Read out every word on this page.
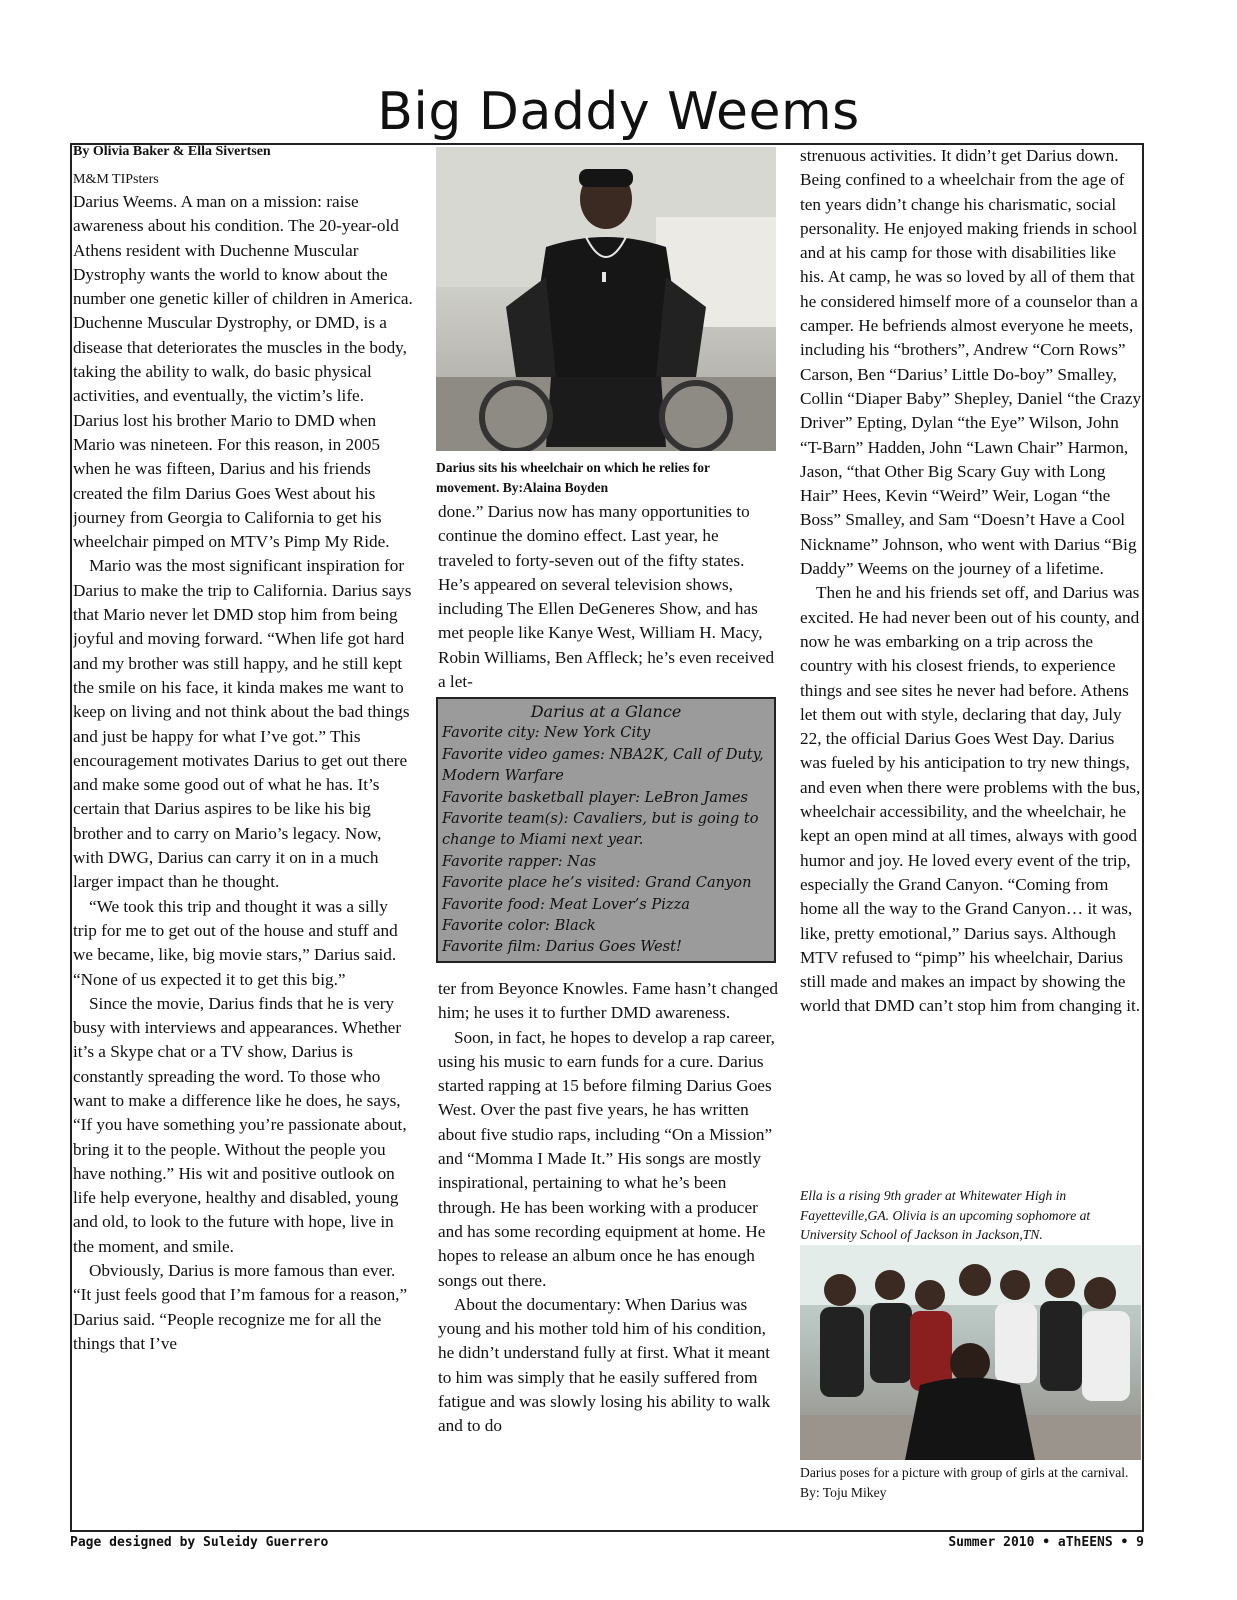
Big Daddy Weems
By Olivia Baker & Ella Sivertsen

M&M TIPsters

Darius Weems. A man on a mission: raise awareness about his condition. The 20-year-old Athens resident with Duchenne Muscular Dystrophy wants the world to know about the number one genetic killer of children in America. Duchenne Muscular Dystrophy, or DMD, is a disease that deteriorates the muscles in the body, taking the ability to walk, do basic physical activities, and eventually, the victim’s life. Darius lost his brother Mario to DMD when Mario was nineteen. For this reason, in 2005 when he was fifteen, Darius and his friends created the film Darius Goes West about his journey from Georgia to California to get his wheelchair pimped on MTV’s Pimp My Ride.

Mario was the most significant inspiration for Darius to make the trip to California. Darius says that Mario never let DMD stop him from being joyful and moving forward. “When life got hard and my brother was still happy, and he still kept the smile on his face, it kinda makes me want to keep on living and not think about the bad things and just be happy for what I’ve got.” This encouragement motivates Darius to get out there and make some good out of what he has. It’s certain that Darius aspires to be like his big brother and to carry on Mario’s legacy. Now, with DWG, Darius can carry it on in a much larger impact than he thought.

“We took this trip and thought it was a silly trip for me to get out of the house and stuff and we became, like, big movie stars,” Darius said. “None of us expected it to get this big.”

Since the movie, Darius finds that he is very busy with interviews and appearances. Whether it’s a Skype chat or a TV show, Darius is constantly spreading the word. To those who want to make a difference like he does, he says, “If you have something you’re passionate about, bring it to the people. Without the people you have nothing.” His wit and positive outlook on life help everyone, healthy and disabled, young and old, to look to the future with hope, live in the moment, and smile.

Obviously, Darius is more famous than ever. “It just feels good that I’m famous for a reason,” Darius said. “People recognize me for all the things that I’ve

Darius sits his wheelchair on which he relies for movement. By:Alaina Boyden

done.” Darius now has many opportunities to continue the domino effect. Last year, he traveled to forty-seven out of the fifty states. He’s appeared on several television shows, including The Ellen DeGeneres Show, and has met people like Kanye West, William H. Macy, Robin Williams, Ben Affleck; he’s even received a let-

Darius at a Glance
Favorite city: New York City
Favorite video games: NBA2K, Call of Duty, Modern Warfare
Favorite basketball player: LeBron James
Favorite team(s): Cavaliers, but is going to change to Miami next year.
Favorite rapper: Nas
Favorite place he’s visited: Grand Canyon
Favorite food: Meat Lover’s Pizza
Favorite color: Black
Favorite film: Darius Goes West!

ter from Beyonce Knowles. Fame hasn’t changed him; he uses it to further DMD awareness.

Soon, in fact, he hopes to develop a rap career, using his music to earn funds for a cure. Darius started rapping at 15 before filming Darius Goes West. Over the past five years, he has written about five studio raps, including “On a Mission” and “Momma I Made It.” His songs are mostly inspirational, pertaining to what he’s been through. He has been working with a producer and has some recording equipment at home. He hopes to release an album once he has enough songs out there.

About the documentary: When Darius was young and his mother told him of his condition, he didn’t understand fully at first. What it meant to him was simply that he easily suffered from fatigue and was slowly losing his ability to walk and to do

strenuous activities. It didn’t get Darius down. Being confined to a wheelchair from the age of ten years didn’t change his charismatic, social personality. He enjoyed making friends in school and at his camp for those with disabilities like his. At camp, he was so loved by all of them that he considered himself more of a counselor than a camper. He befriends almost everyone he meets, including his “brothers”, Andrew “Corn Rows” Carson, Ben “Darius’ Little Do-boy” Smalley, Collin “Diaper Baby” Shepley, Daniel “the Crazy Driver” Epting, Dylan “the Eye” Wilson, John “T-Barn” Hadden, John “Lawn Chair” Harmon, Jason, “that Other Big Scary Guy with Long Hair” Hees, Kevin “Weird” Weir, Logan “the Boss” Smalley, and Sam “Doesn’t Have a Cool Nickname” Johnson, who went with Darius “Big Daddy” Weems on the journey of a lifetime.

Then he and his friends set off, and Darius was excited. He had never been out of his county, and now he was embarking on a trip across the country with his closest friends, to experience things and see sites he never had before. Athens let them out with style, declaring that day, July 22, the official Darius Goes West Day. Darius was fueled by his anticipation to try new things, and even when there were problems with the bus, wheelchair accessibility, and the wheelchair, he kept an open mind at all times, always with good humor and joy. He loved every event of the trip, especially the Grand Canyon. “Coming from home all the way to the Grand Canyon… it was, like, pretty emotional,” Darius says. Although MTV refused to “pimp” his wheelchair, Darius still made and makes an impact by showing the world that DMD can’t stop him from changing it.

Ella is a rising 9th grader at Whitewater High in Fayetteville,GA. Olivia is an upcoming sophomore at University School of Jackson in Jackson,TN.
Darius poses for a picture with group of girls at the carnival. By: Toju Mikey
Page designed by Suleidy Guerrero	Summer 2010 • aThEENS • 9
